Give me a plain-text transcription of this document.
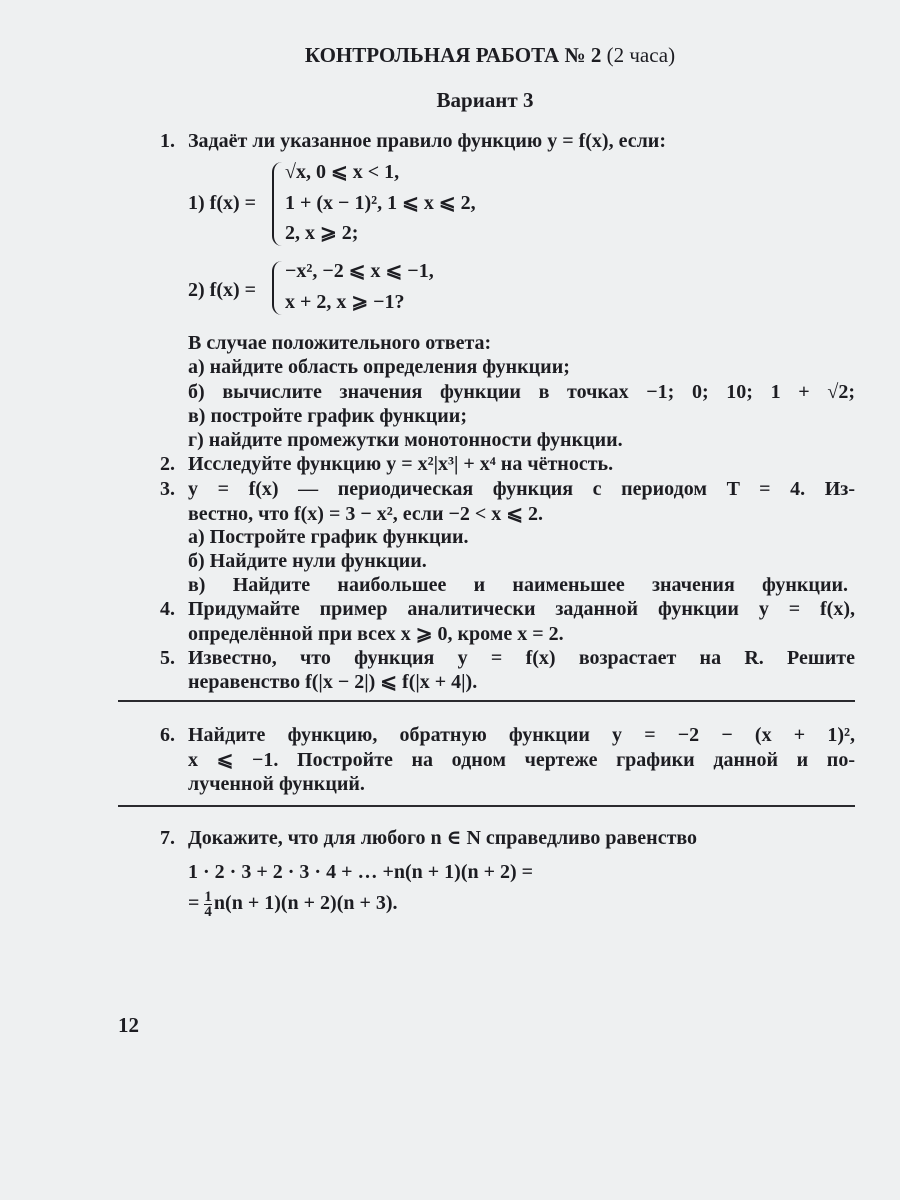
КОНТРОЛЬНАЯ РАБОТА № 2 (2 часа)
Вариант 3
1. Задаёт ли указанное правило функцию y = f(x), если:
1) f(x) =
√x, 0 ⩽ x < 1,
1 + (x − 1)², 1 ⩽ x ⩽ 2,
2, x ⩾ 2;
2) f(x) =
−x², −2 ⩽ x ⩽ −1,
x + 2, x ⩾ −1?
В случае положительного ответа:
а) найдите область определения функции;
б) вычислите значения функции в точках −1; 0; 10; 1 + √2;
в) постройте график функции;
г) найдите промежутки монотонности функции.
2. Исследуйте функцию y = x²|x³| + x⁴ на чётность.
3. y = f(x) — периодическая функция с периодом T = 4. Из-
вестно, что f(x) = 3 − x², если −2 < x ⩽ 2.
а) Постройте график функции.
б) Найдите нули функции.
в) Найдите наибольшее и наименьшее значения функции.
4. Придумайте пример аналитически заданной функции y = f(x),
определённой при всех x ⩾ 0, кроме x = 2.
5. Известно, что функция y = f(x) возрастает на R. Решите
неравенство f(|x − 2|) ⩽ f(|x + 4|).
6. Найдите функцию, обратную функции y = −2 − (x + 1)²,
x ⩽ −1. Постройте на одном чертеже графики данной и по-
лученной функций.
7. Докажите, что для любого n ∈ N справедливо равенство
1 · 2 · 3 + 2 · 3 · 4 + … +n(n + 1)(n + 2) =
= $\frac{1}{4} n(n + 1)(n + 2)(n + 3)$.
12
